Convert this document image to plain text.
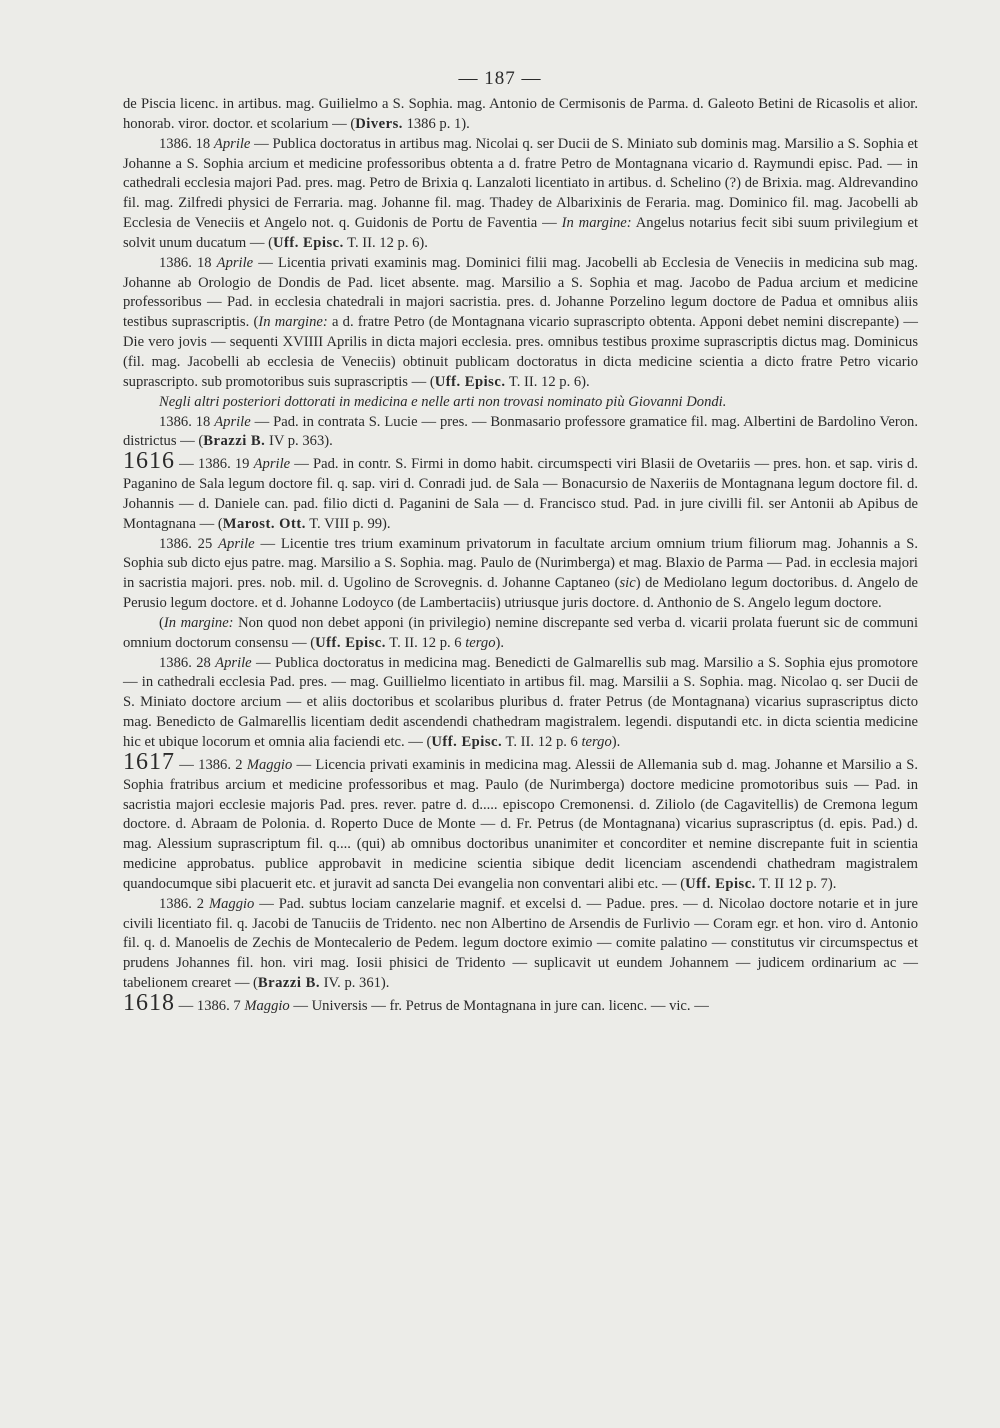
— 187 —

de Piscia licenc. in artibus. mag. Guilielmo a S. Sophia. mag. Antonio de Cermisonis de Parma. d. Galeoto Betini de Ricasolis et alior. honorab. viror. doctor. et scolarium — (Divers. 1386 p. 1).

1386. 18 Aprile — Publica doctoratus in artibus mag. Nicolai q. ser Ducii de S. Miniato sub dominis mag. Marsilio a S. Sophia et Johanne a S. Sophia arcium et medicine professoribus obtenta a d. fratre Petro de Montagnana vicario d. Raymundi episc. Pad. — in cathedrali ecclesia majori Pad. pres. mag. Petro de Brixia q. Lanzaloti licentiato in artibus. d. Schelino (?) de Brixia. mag. Aldrevandino fil. mag. Zilfredi physici de Ferraria. mag. Johanne fil. mag. Thadey de Albarixinis de Feraria. mag. Dominico fil. mag. Jacobelli ab Ecclesia de Veneciis et Angelo not. q. Guidonis de Portu de Faventia — In margine: Angelus notarius fecit sibi suum privilegium et solvit unum ducatum — (Uff. Episc. T. II. 12 p. 6).

1386. 18 Aprile — Licentia privati examinis mag. Dominici filii mag. Jacobelli ab Ecclesia de Veneciis in medicina sub mag. Johanne ab Orologio de Dondis de Pad. licet absente. mag. Marsilio a S. Sophia et mag. Jacobo de Padua arcium et medicine professoribus — Pad. in ecclesia chatedrali in majori sacristia. pres. d. Johanne Porzelino legum doctore de Padua et omnibus aliis testibus suprascriptis. (In margine: a d. fratre Petro (de Montagnana vicario suprascripto obtenta. Apponi debet nemini discrepante) — Die vero jovis — sequenti XVIIII Aprilis in dicta majori ecclesia. pres. omnibus testibus proxime suprascriptis dictus mag. Dominicus (fil. mag. Jacobelli ab ecclesia de Veneciis) obtinuit publicam doctoratus in dicta medicine scientia a dicto fratre Petro vicario suprascripto. sub promotoribus suis suprascriptis — (Uff. Episc. T. II. 12 p. 6).

Negli altri posteriori dottorati in medicina e nelle arti non trovasi nominato più Giovanni Dondi.

1386. 18 Aprile — Pad. in contrata S. Lucie — pres. — Bonmasario professore gramatice fil. mag. Albertini de Bardolino Veron. districtus — (Brazzi B. IV p. 363).

1616 — 1386. 19 Aprile — Pad. in contr. S. Firmi in domo habit. circumspecti viri Blasii de Ovetariis — pres. hon. et sap. viris d. Paganino de Sala legum doctore fil. q. sap. viri d. Conradi jud. de Sala — Bonacursio de Naxeriis de Montagnana legum doctore fil. d. Johannis — d. Daniele can. pad. filio dicti d. Paganini de Sala — d. Francisco stud. Pad. in jure civilli fil. ser Antonii ab Apibus de Montagnana — (Marost. Ott. T. VIII p. 99).

1386. 25 Aprile — Licentie tres trium examinum privatorum in facultate arcium omnium trium filiorum mag. Johannis a S. Sophia sub dicto ejus patre. mag. Marsilio a S. Sophia. mag. Paulo de (Nurimberga) et mag. Blaxio de Parma — Pad. in ecclesia majori in sacristia majori. pres. nob. mil. d. Ugolino de Scrovegnis. d. Johanne Captaneo (sic) de Mediolano legum doctoribus. d. Angelo de Perusio legum doctore. et d. Johanne Lodoyco (de Lambertaciis) utriusque juris doctore. d. Anthonio de S. Angelo legum doctore.

(In margine: Non quod non debet apponi (in privilegio) nemine discrepante sed verba d. vicarii prolata fuerunt sic de communi omnium doctorum consensu — (Uff. Episc. T. II. 12 p. 6 tergo).

1386. 28 Aprile — Publica doctoratus in medicina mag. Benedicti de Galmarellis sub mag. Marsilio a S. Sophia ejus promotore — in cathedrali ecclesia Pad. pres. — mag. Guillielmo licentiato in artibus fil. mag. Marsilii a S. Sophia. mag. Nicolao q. ser Ducii de S. Miniato doctore arcium — et aliis doctoribus et scolaribus pluribus d. frater Petrus (de Montagnana) vicarius suprascriptus dicto mag. Benedicto de Galmarellis licentiam dedit ascendendi chathedram magistralem. legendi. disputandi etc. in dicta scientia medicine hic et ubique locorum et omnia alia faciendi etc. — (Uff. Episc. T. II. 12 p. 6 tergo).

1617 — 1386. 2 Maggio — Licencia privati examinis in medicina mag. Alessii de Allemania sub d. mag. Johanne et Marsilio a S. Sophia fratribus arcium et medicine professoribus et mag. Paulo (de Nurimberga) doctore medicine promotoribus suis — Pad. in sacristia majori ecclesie majoris Pad. pres. rever. patre d. d..... episcopo Cremonensi. d. Ziliolo (de Cagavitellis) de Cremona legum doctore. d. Abraam de Polonia. d. Roperto Duce de Monte — d. Fr. Petrus (de Montagnana) vicarius suprascriptus (d. epis. Pad.) d. mag. Alessium suprascriptum fil. q.... (qui) ab omnibus doctoribus unanimiter et concorditer et nemine discrepante fuit in scientia medicine approbatus. publice approbavit in medicine scientia sibique dedit licenciam ascendendi chathedram magistralem quandocumque sibi placuerit etc. et juravit ad sancta Dei evangelia non conventari alibi etc. — (Uff. Episc. T. II 12 p. 7).

1386. 2 Maggio — Pad. subtus lociam canzelarie magnif. et excelsi d. — Padue. pres. — d. Nicolao doctore notarie et in jure civili licentiato fil. q. Jacobi de Tanuciis de Tridento. nec non Albertino de Arsendis de Furlivio — Coram egr. et hon. viro d. Antonio fil. q. d. Manoelis de Zechis de Montecalerio de Pedem. legum doctore eximio — comite palatino — constitutus vir circumspectus et prudens Johannes fil. hon. viri mag. Iosii phisici de Tridento — suplicavit ut eundem Johannem — judicem ordinarium ac — tabelionem crearet — (Brazzi B. IV. p. 361).

1618 — 1386. 7 Maggio — Universis — fr. Petrus de Montagnana in jure can. licenc. — vic. —
